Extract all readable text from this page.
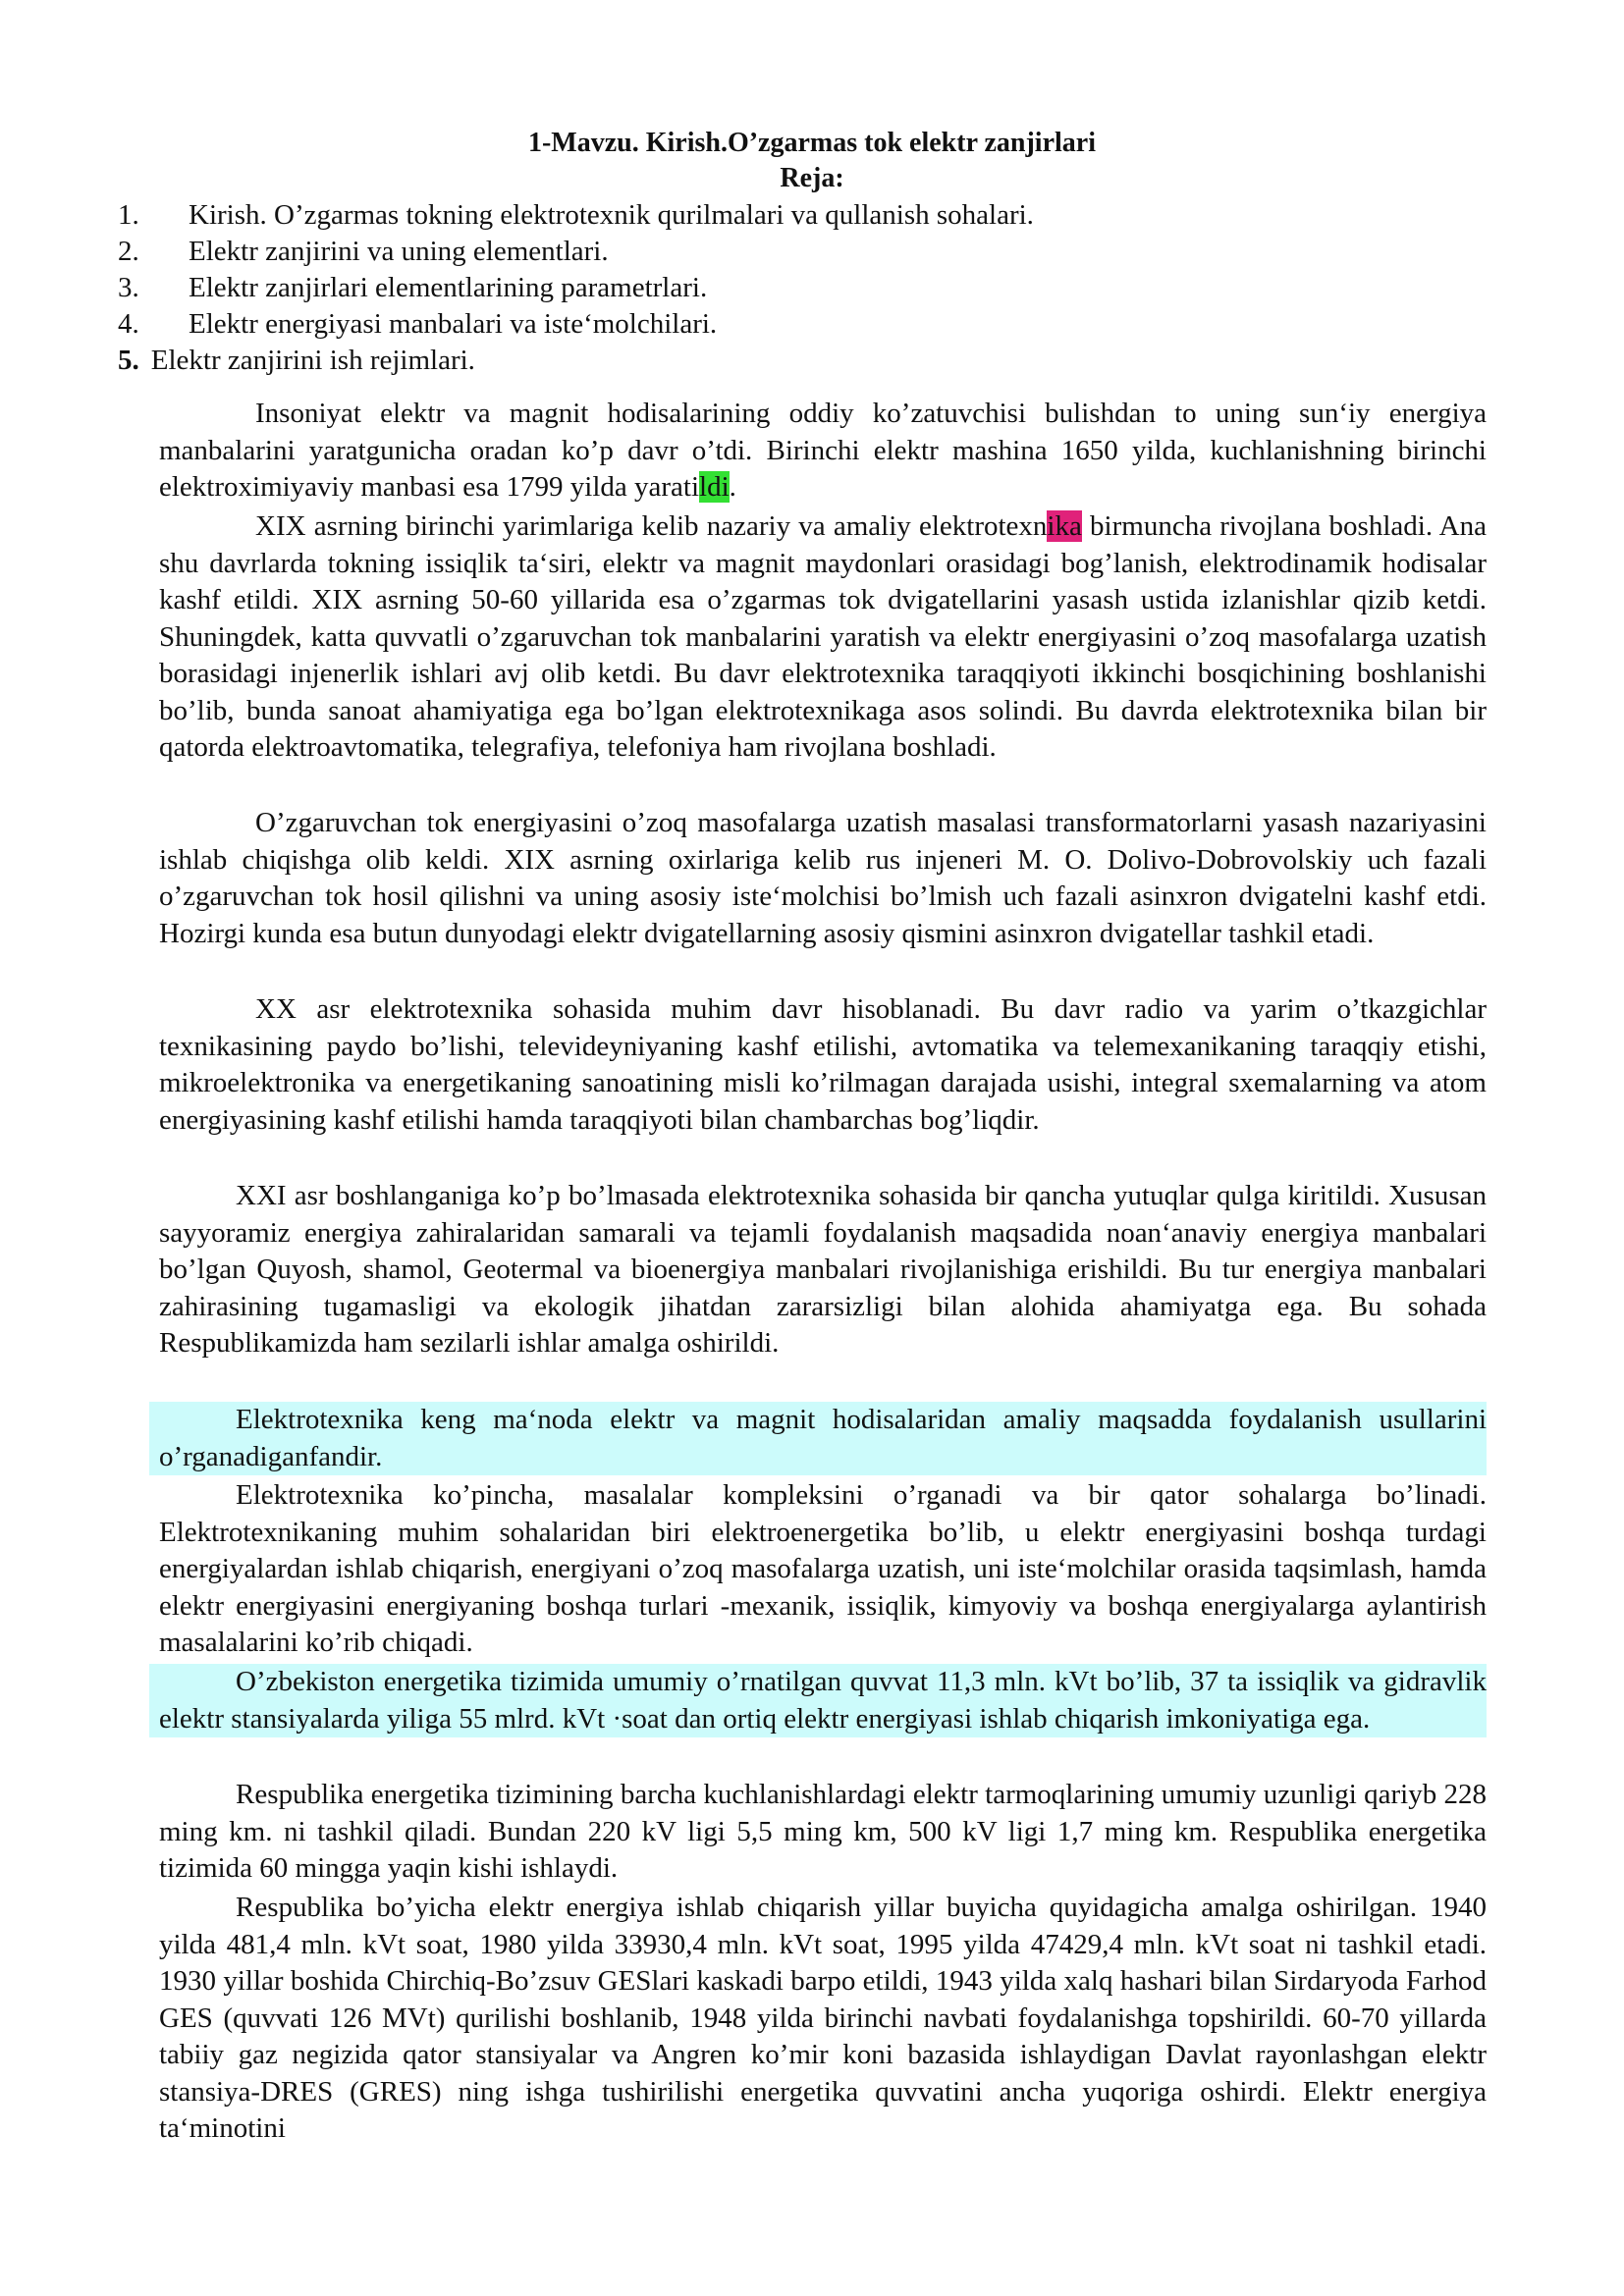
1-Mavzu. Kirish.O’zgarmas tok elektr zanjirlari
Reja:
1. Kirish. O’zgarmas tokning elektrotexnik qurilmalari va qullanish sohalari.
2. Elektr zanjirini va uning elementlari.
3. Elektr zanjirlari elementlarining parametrlari.
4. Elektr energiyasi manbalari va iste‘molchilari.
5. Elektr zanjirini ish rejimlari.

Insoniyat elektr va magnit hodisalarining oddiy ko’zatuvchisi bulishdan to uning sun‘iy energiya manbalarini yaratgunicha oradan ko’p davr o’tdi. Birinchi elektr mashina 1650 yilda, kuchlanishning birinchi elektroximiyaviy manbasi esa 1799 yilda yaratildi.

XIX asrning birinchi yarimlariga kelib nazariy va amaliy elektrotexnika birmuncha rivojlana boshladi. Ana shu davrlarda tokning issiqlik ta‘siri, elektr va magnit maydonlari orasidagi bog’lanish, elektrodinamik hodisalar kashf etildi. XIX asrning 50-60 yillarida esa o’zgarmas tok dvigatellarini yasash ustida izlanishlar qizib ketdi. Shuningdek, katta quvvatli o’zgaruvchan tok manbalarini yaratish va elektr energiyasini o’zoq masofalarga uzatish borasidagi injenerlik ishlari avj olib ketdi. Bu davr elektrotexnika taraqqiyoti ikkinchi bosqichining boshlanishi bo’lib, bunda sanoat ahamiyatiga ega bo’lgan elektrotexnikaga asos solindi. Bu davrda elektrotexnika bilan bir qatorda elektroavtomatika, telegrafiya, telefoniya ham rivojlana boshladi.

O’zgaruvchan tok energiyasini o’zoq masofalarga uzatish masalasi transformatorlarni yasash nazariyasini ishlab chiqishga olib keldi. XIX asrning oxirlariga kelib rus injeneri M. O. Dolivo-Dobrovolskiy uch fazali o’zgaruvchan tok hosil qilishni va uning asosiy iste‘molchisi bo’lmish uch fazali asinxron dvigatelni kashf etdi. Hozirgi kunda esa butun dunyodagi elektr dvigatellarning asosiy qismini asinxron dvigatellar tashkil etadi.

XX asr elektrotexnika sohasida muhim davr hisoblanadi. Bu davr radio va yarim o’tkazgichlar texnikasining paydo bo’lishi, televideyniyaning kashf etilishi, avtomatika va telemexanikaning taraqqiy etishi, mikroelektronika va energetikaning sanoatining misli ko’rilmagan darajada usishi, integral sxemalarning va atom energiyasining kashf etilishi hamda taraqqiyoti bilan chambarchas bog’liqdir.

XXI asr boshlanganiga ko’p bo’lmasada elektrotexnika sohasida bir qancha yutuqlar qulga kiritildi. Xususan sayyoramiz energiya zahiralaridan samarali va tejamli foydalanish maqsadida noan‘anaviy energiya manbalari bo’lgan Quyosh, shamol, Geotermal va bioenergiya manbalari rivojlanishiga erishildi. Bu tur energiya manbalari zahirasining tugamasligi va ekologik jihatdan zararsizligi bilan alohida ahamiyatga ega. Bu sohada Respublikamizda ham sezilarli ishlar amalga oshirildi.

Elektrotexnika keng ma‘noda elektr va magnit hodisalaridan amaliy maqsadda foydalanish usullarini o’rganadiganfandir.

Elektrotexnika ko’pincha, masalalar kompleksini o’rganadi va bir qator sohalarga bo’linadi. Elektrotexnikaning muhim sohalaridan biri elektroenergetika bo’lib, u elektr energiyasini boshqa turdagi energiyalardan ishlab chiqarish, energiyani o’zoq masofalarga uzatish, uni iste‘molchilar orasida taqsimlash, hamda elektr energiyasini energiyaning boshqa turlari -mexanik, issiqlik, kimyoviy va boshqa energiyalarga aylantirish masalalarini ko’rib chiqadi.

O’zbekiston energetika tizimida umumiy o’rnatilgan quvvat 11,3 mln. kVt bo’lib, 37 ta issiqlik va gidravlik elektr stansiyalarda yiliga 55 mlrd. kVt ·soat dan ortiq elektr energiyasi ishlab chiqarish imkoniyatiga ega.

Respublika energetika tizimining barcha kuchlanishlardagi elektr tarmoqlarining umumiy uzunligi qariyb 228 ming km. ni tashkil qiladi. Bundan 220 kV ligi 5,5 ming km, 500 kV ligi 1,7 ming km. Respublika energetika tizimida 60 mingga yaqin kishi ishlaydi.

Respublika bo’yicha elektr energiya ishlab chiqarish yillar buyicha quyidagicha amalga oshirilgan. 1940 yilda 481,4 mln. kVt soat, 1980 yilda 33930,4 mln. kVt soat, 1995 yilda 47429,4 mln. kVt soat ni tashkil etadi. 1930 yillar boshida Chirchiq-Bo’zsuv GESlari kaskadi barpo etildi, 1943 yilda xalq hashari bilan Sirdaryoda Farhod GES (quvvati 126 MVt) qurilishi boshlanib, 1948 yilda birinchi navbati foydalanishga topshirildi. 60-70 yillarda tabiiy gaz negizida qator stansiyalar va Angren ko’mir koni bazasida ishlaydigan Davlat rayonlashgan elektr stansiya-DRES (GRES) ning ishga tushirilishi energetika quvvatini ancha yuqoriga oshirdi. Elektr energiya ta‘minotini
